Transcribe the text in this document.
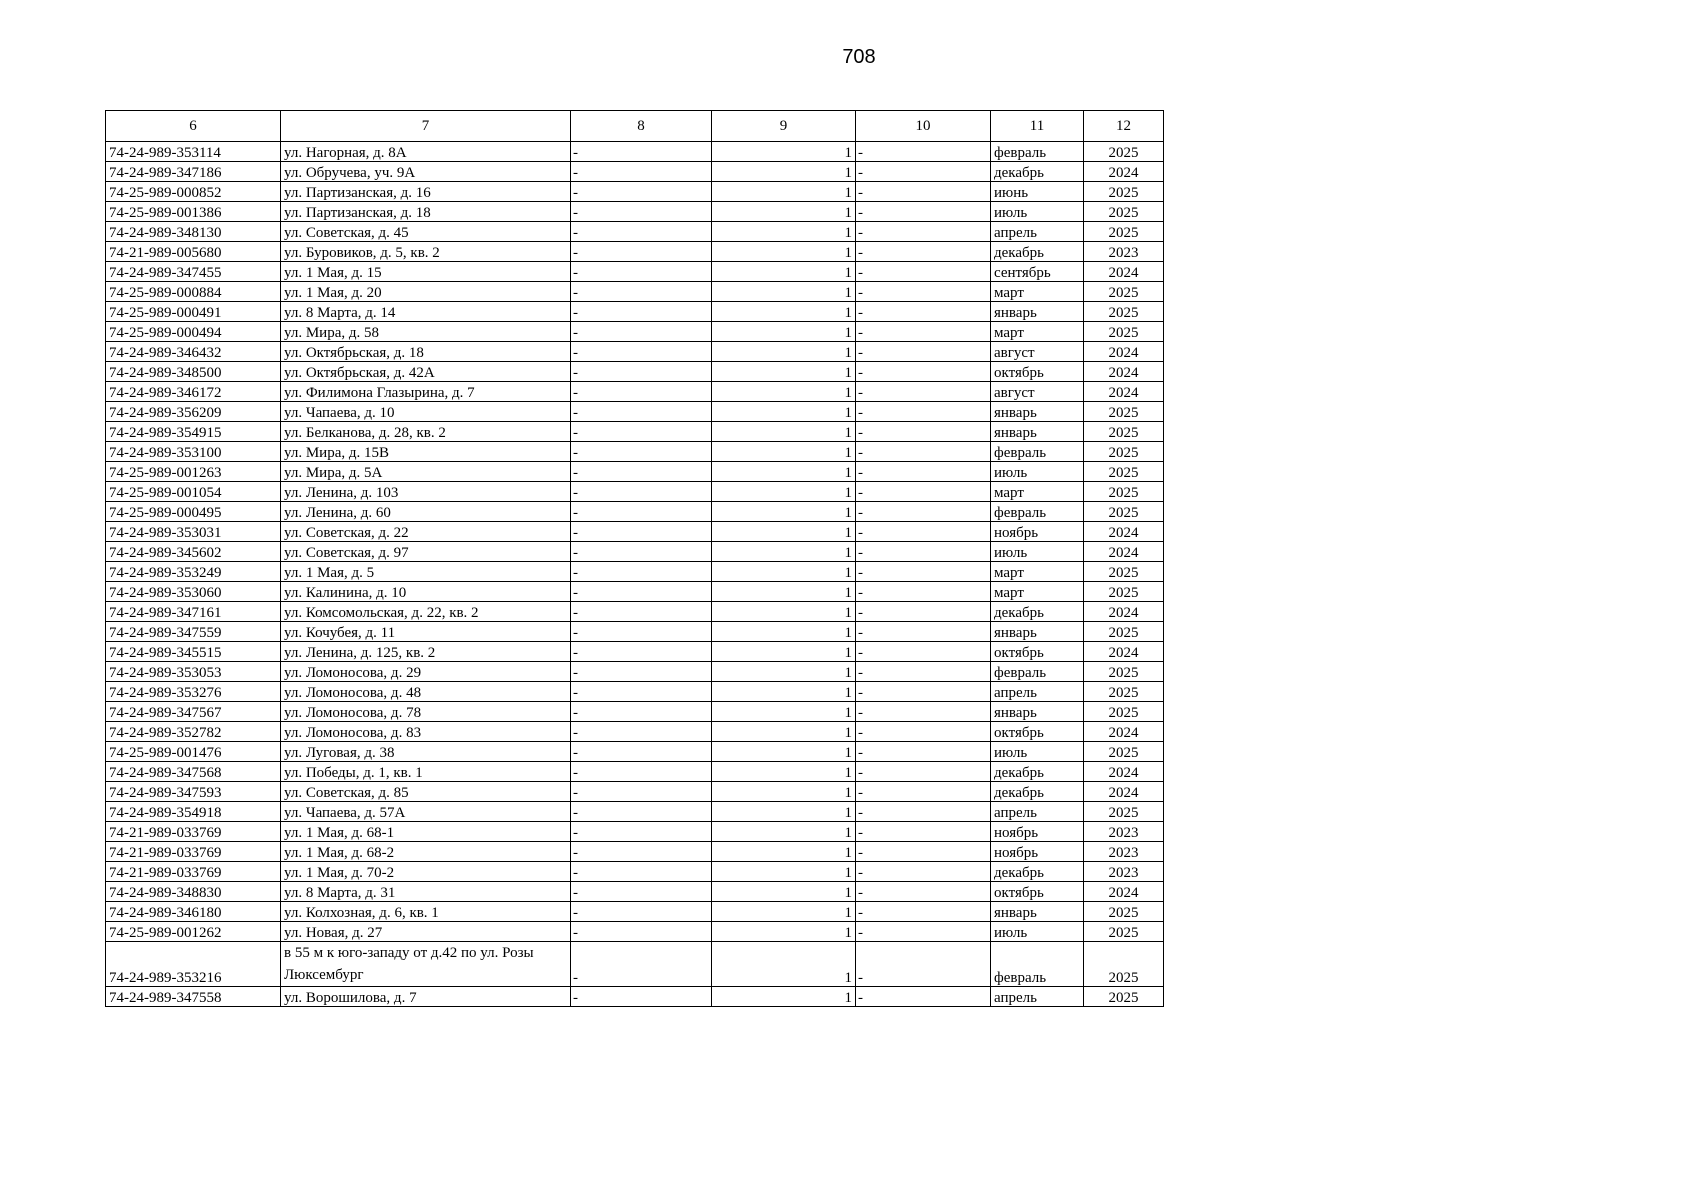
708
6	7	8	9	10	11	12
74-24-989-353114	ул. Нагорная, д. 8А	-	1	-	февраль	2025
74-24-989-347186	ул. Обручева, уч. 9А	-	1	-	декабрь	2024
74-25-989-000852	ул. Партизанская, д. 16	-	1	-	июнь	2025
74-25-989-001386	ул. Партизанская, д. 18	-	1	-	июль	2025
74-24-989-348130	ул. Советская, д. 45	-	1	-	апрель	2025
74-21-989-005680	ул. Буровиков, д. 5, кв. 2	-	1	-	декабрь	2023
74-24-989-347455	ул. 1 Мая, д. 15	-	1	-	сентябрь	2024
74-25-989-000884	ул. 1 Мая, д. 20	-	1	-	март	2025
74-25-989-000491	ул. 8 Марта, д. 14	-	1	-	январь	2025
74-25-989-000494	ул. Мира, д. 58	-	1	-	март	2025
74-24-989-346432	ул. Октябрьская, д. 18	-	1	-	август	2024
74-24-989-348500	ул. Октябрьская, д. 42А	-	1	-	октябрь	2024
74-24-989-346172	ул. Филимона Глазырина, д. 7	-	1	-	август	2024
74-24-989-356209	ул. Чапаева, д. 10	-	1	-	январь	2025
74-24-989-354915	ул. Белканова, д. 28, кв. 2	-	1	-	январь	2025
74-24-989-353100	ул. Мира, д. 15В	-	1	-	февраль	2025
74-25-989-001263	ул. Мира, д. 5А	-	1	-	июль	2025
74-25-989-001054	ул. Ленина, д. 103	-	1	-	март	2025
74-25-989-000495	ул. Ленина, д. 60	-	1	-	февраль	2025
74-24-989-353031	ул. Советская, д. 22	-	1	-	ноябрь	2024
74-24-989-345602	ул. Советская, д. 97	-	1	-	июль	2024
74-24-989-353249	ул. 1 Мая, д. 5	-	1	-	март	2025
74-24-989-353060	ул. Калинина, д. 10	-	1	-	март	2025
74-24-989-347161	ул. Комсомольская, д. 22, кв. 2	-	1	-	декабрь	2024
74-24-989-347559	ул. Кочубея, д. 11	-	1	-	январь	2025
74-24-989-345515	ул. Ленина, д. 125, кв. 2	-	1	-	октябрь	2024
74-24-989-353053	ул. Ломоносова, д. 29	-	1	-	февраль	2025
74-24-989-353276	ул. Ломоносова, д. 48	-	1	-	апрель	2025
74-24-989-347567	ул. Ломоносова, д. 78	-	1	-	январь	2025
74-24-989-352782	ул. Ломоносова, д. 83	-	1	-	октябрь	2024
74-25-989-001476	ул. Луговая, д. 38	-	1	-	июль	2025
74-24-989-347568	ул. Победы, д. 1, кв. 1	-	1	-	декабрь	2024
74-24-989-347593	ул. Советская, д. 85	-	1	-	декабрь	2024
74-24-989-354918	ул. Чапаева, д. 57А	-	1	-	апрель	2025
74-21-989-033769	ул. 1 Мая, д. 68-1	-	1	-	ноябрь	2023
74-21-989-033769	ул. 1 Мая, д. 68-2	-	1	-	ноябрь	2023
74-21-989-033769	ул. 1 Мая, д. 70-2	-	1	-	декабрь	2023
74-24-989-348830	ул. 8 Марта, д. 31	-	1	-	октябрь	2024
74-24-989-346180	ул. Колхозная, д. 6, кв. 1	-	1	-	январь	2025
74-25-989-001262	ул. Новая, д. 27	-	1	-	июль	2025
74-24-989-353216	в 55 м к юго-западу от д.42 по ул. Розы Люксембург	-	1	-	февраль	2025
74-24-989-347558	ул. Ворошилова, д. 7	-	1	-	апрель	2025
